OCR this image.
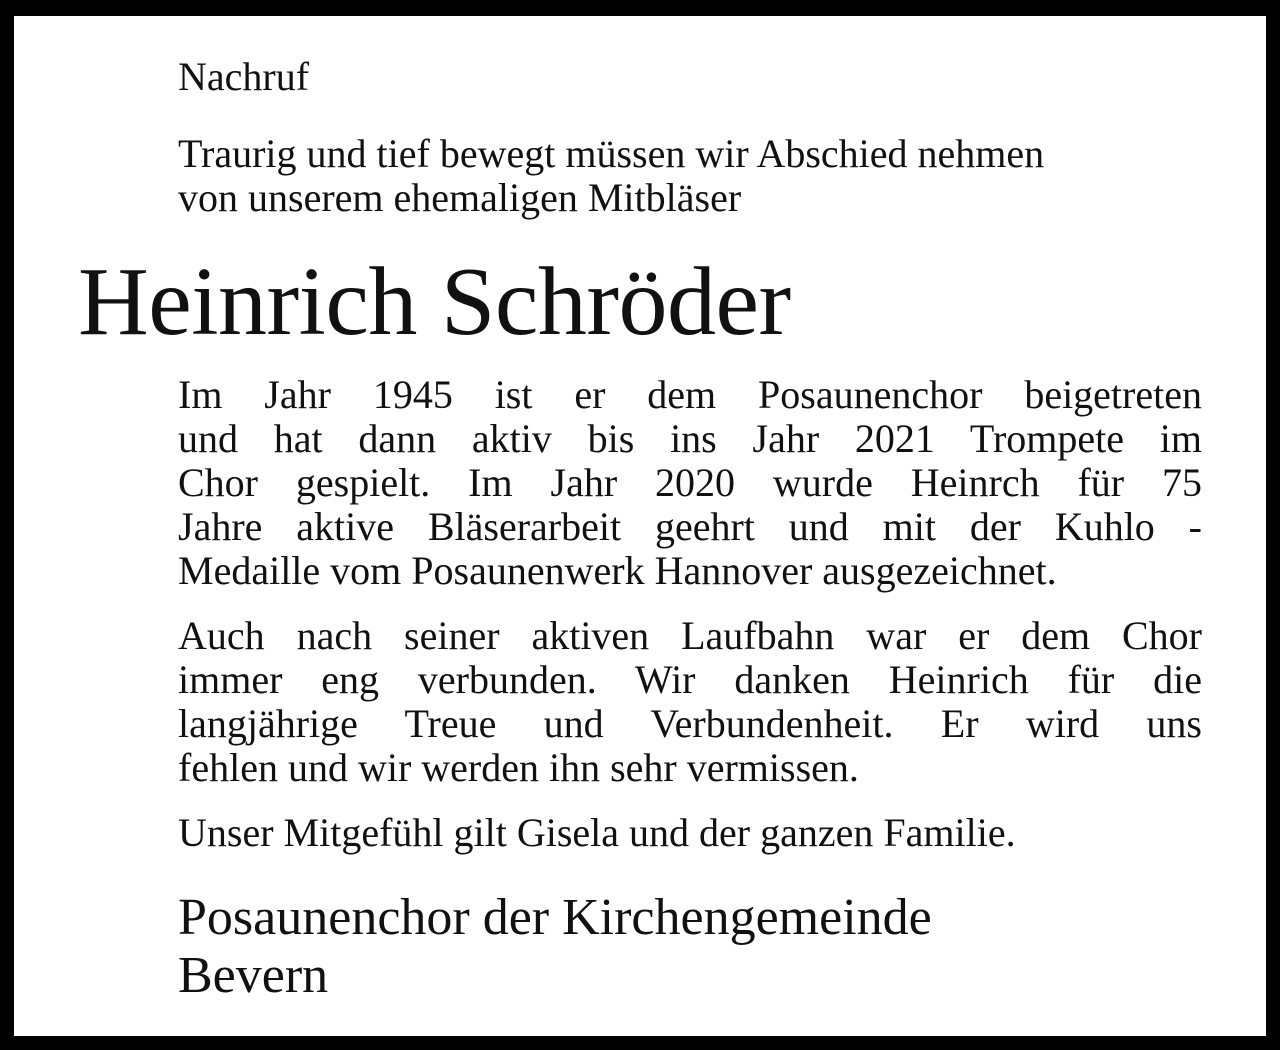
Nachruf

Traurig und tief bewegt müssen wir Abschied nehmen
von unserem ehemaligen Mitbläser

Heinrich Schröder

Im Jahr 1945 ist er dem Posaunenchor beigetreten
und hat dann aktiv bis ins Jahr 2021 Trompete im
Chor gespielt. Im Jahr 2020 wurde Heinrch für 75
Jahre aktive Bläserarbeit geehrt und mit der Kuhlo -
Medaille vom Posaunenwerk Hannover ausgezeichnet.

Auch nach seiner aktiven Laufbahn war er dem Chor
immer eng verbunden. Wir danken Heinrich für die
langjährige Treue und Verbundenheit. Er wird uns
fehlen und wir werden ihn sehr vermissen.

Unser Mitgefühl gilt Gisela und der ganzen Familie.

Posaunenchor der Kirchengemeinde
Bevern
